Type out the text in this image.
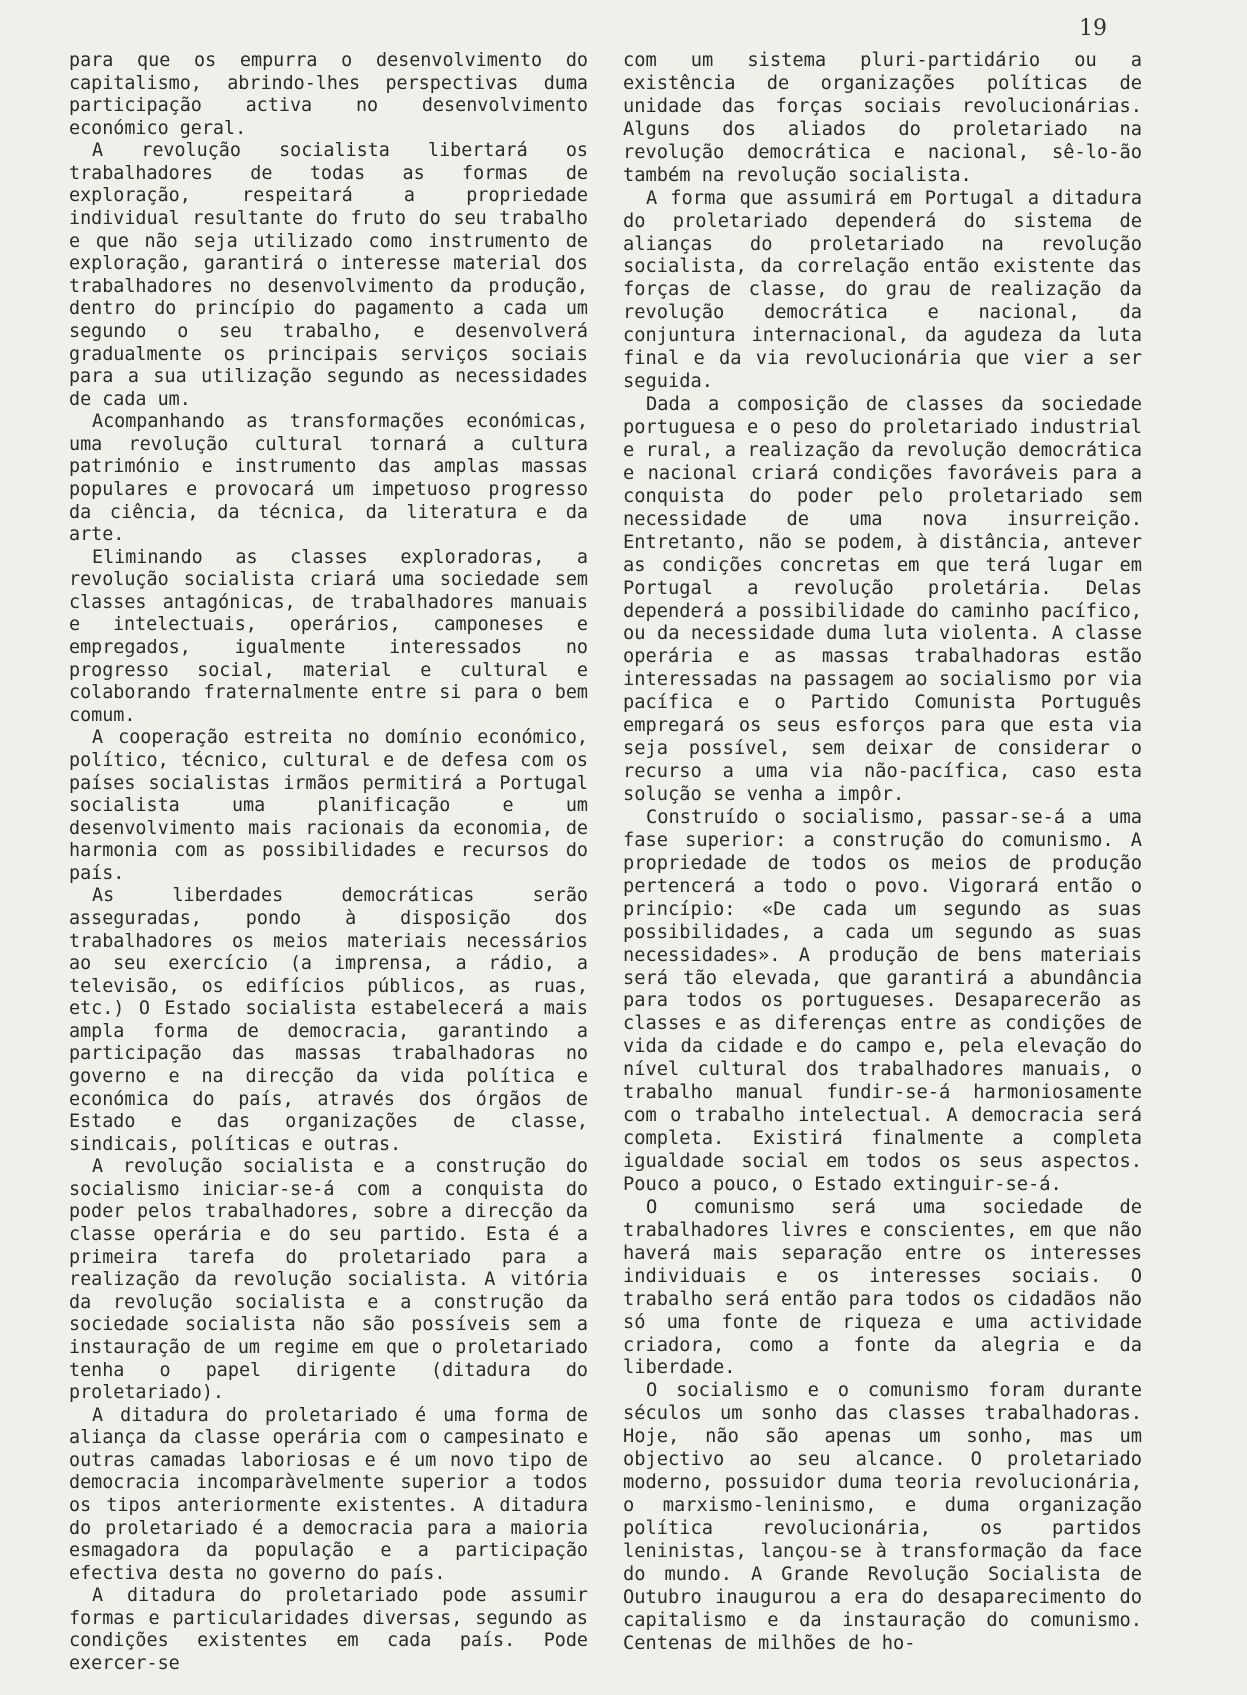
19

para que os empurra o desenvolvimento do capitalismo, abrindo-lhes perspectivas duma participação activa no desenvolvimento económico geral.

A revolução socialista libertará os trabalhadores de todas as formas de exploração, respeitará a propriedade individual resultante do fruto do seu trabalho e que não seja utilizado como instrumento de exploração, garantirá o interesse material dos trabalhadores no desenvolvimento da produção, dentro do princípio do pagamento a cada um segundo o seu trabalho, e desenvolverá gradualmente os principais serviços sociais para a sua utilização segundo as necessidades de cada um.

Acompanhando as transformações económicas, uma revolução cultural tornará a cultura património e instrumento das amplas massas populares e provocará um impetuoso progresso da ciência, da técnica, da literatura e da arte.

Eliminando as classes exploradoras, a revolução socialista criará uma sociedade sem classes antagónicas, de trabalhadores manuais e intelectuais, operários, camponeses e empregados, igualmente interessados no progresso social, material e cultural e colaborando fraternalmente entre si para o bem comum.

A cooperação estreita no domínio económico, político, técnico, cultural e de defesa com os países socialistas irmãos permitirá a Portugal socialista uma planificação e um desenvolvimento mais racionais da economia, de harmonia com as possibilidades e recursos do país.

As liberdades democráticas serão asseguradas, pondo à disposição dos trabalhadores os meios materiais necessários ao seu exercício (a imprensa, a rádio, a televisão, os edifícios públicos, as ruas, etc.) O Estado socialista estabelecerá a mais ampla forma de democracia, garantindo a participação das massas trabalhadoras no governo e na direcção da vida política e económica do país, através dos órgãos de Estado e das organizações de classe, sindicais, políticas e outras.

A revolução socialista e a construção do socialismo iniciar-se-á com a conquista do poder pelos trabalhadores, sobre a direcção da classe operária e do seu partido. Esta é a primeira tarefa do proletariado para a realização da revolução socialista. A vitória da revolução socialista e a construção da sociedade socialista não são possíveis sem a instauração de um regime em que o proletariado tenha o papel dirigente (ditadura do proletariado).

A ditadura do proletariado é uma forma de aliança da classe operária com o campesinato e outras camadas laboriosas e é um novo tipo de democracia incomparàvelmente superior a todos os tipos anteriormente existentes. A ditadura do proletariado é a democracia para a maioria esmagadora da população e a participação efectiva desta no governo do país.

A ditadura do proletariado pode assumir formas e particularidades diversas, segundo as condições existentes em cada país. Pode exercer-se

com um sistema pluri-partidário ou a existência de organizações políticas de unidade das forças sociais revolucionárias. Alguns dos aliados do proletariado na revolução democrática e nacional, sê-lo-ão também na revolução socialista.

A forma que assumirá em Portugal a ditadura do proletariado dependerá do sistema de alianças do proletariado na revolução socialista, da correlação então existente das forças de classe, do grau de realização da revolução democrática e nacional, da conjuntura internacional, da agudeza da luta final e da via revolucionária que vier a ser seguida.

Dada a composição de classes da sociedade portuguesa e o peso do proletariado industrial e rural, a realização da revolução democrática e nacional criará condições favoráveis para a conquista do poder pelo proletariado sem necessidade de uma nova insurreição. Entretanto, não se podem, à distância, antever as condições concretas em que terá lugar em Portugal a revolução proletária. Delas dependerá a possibilidade do caminho pacífico, ou da necessidade duma luta violenta. A classe operária e as massas trabalhadoras estão interessadas na passagem ao socialismo por via pacífica e o Partido Comunista Português empregará os seus esforços para que esta via seja possível, sem deixar de considerar o recurso a uma via não-pacífica, caso esta solução se venha a impôr.

Construído o socialismo, passar-se-á a uma fase superior: a construção do comunismo. A propriedade de todos os meios de produção pertencerá a todo o povo. Vigorará então o princípio: «De cada um segundo as suas possibilidades, a cada um segundo as suas necessidades». A produção de bens materiais será tão elevada, que garantirá a abundância para todos os portugueses. Desaparecerão as classes e as diferenças entre as condições de vida da cidade e do campo e, pela elevação do nível cultural dos trabalhadores manuais, o trabalho manual fundir-se-á harmoniosamente com o trabalho intelectual. A democracia será completa. Existirá finalmente a completa igualdade social em todos os seus aspectos. Pouco a pouco, o Estado extinguir-se-á.

O comunismo será uma sociedade de trabalhadores livres e conscientes, em que não haverá mais separação entre os interesses individuais e os interesses sociais. O trabalho será então para todos os cidadãos não só uma fonte de riqueza e uma actividade criadora, como a fonte da alegria e da liberdade.

O socialismo e o comunismo foram durante séculos um sonho das classes trabalhadoras. Hoje, não são apenas um sonho, mas um objectivo ao seu alcance. O proletariado moderno, possuidor duma teoria revolucionária, o marxismo-leninismo, e duma organização política revolucionária, os partidos leninistas, lançou-se à transformação da face do mundo. A Grande Revolução Socialista de Outubro inaugurou a era do desaparecimento do capitalismo e da instauração do comunismo. Centenas de milhões de ho-
